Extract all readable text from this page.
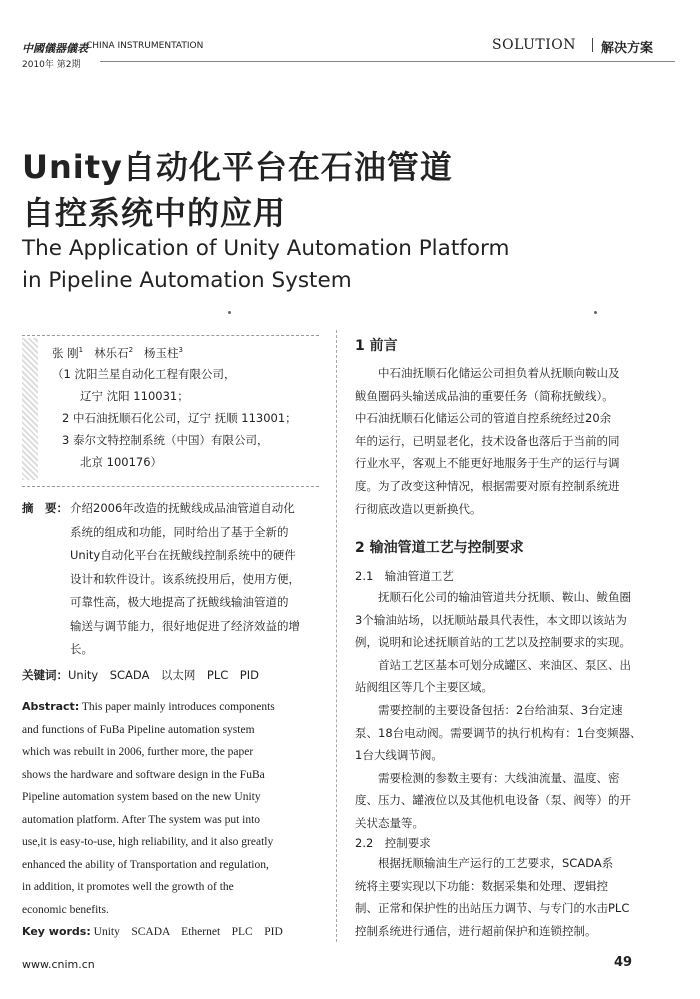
中國儀器儀表
CHINA INSTRUMENTATION
2010年 第2期
SOLUTION 解决方案
Unity自动化平台在石油管道
自控系统中的应用
The Application of Unity Automation Platform
in Pipeline Automation System
张 刚$^1$ 林乐石$^2$ 杨玉柱$^3$
（1 沈阳兰星自动化工程有限公司，
辽宁 沈阳 110031；
2 中石油抚顺石化公司，辽宁 抚顺 113001；
3 泰尔文特控制系统（中国）有限公司，
北京 100176）
摘　要： 介绍2006年改造的抚鲅线成品油管道自动化
系统的组成和功能，同时给出了基于全新的
Unity自动化平台在抚鲅线控制系统中的硬件
设计和软件设计。该系统投用后，使用方便，
可靠性高，极大地提高了抚鲅线输油管道的
输送与调节能力，很好地促进了经济效益的增
长。
关键词：Unity　SCADA　以太网　PLC　PID
Abstract: This paper mainly introduces components
and functions of FuBa Pipeline automation system
which was rebuilt in 2006, further more, the paper
shows the hardware and software design in the FuBa
Pipeline automation system based on the new Unity
automation platform. After The system was put into
use,it is easy-to-use, high reliability, and it also greatly
enhanced the ability of Transportation and regulation,
in addition, it promotes well the growth of the
economic benefits.
Key words: Unity　SCADA　Ethernet　PLC　PID
1 前言
　　中石油抚顺石化储运公司担负着从抚顺向鞍山及
鲅鱼圈码头输送成品油的重要任务（简称抚鲅线）。
中石油抚顺石化储运公司的管道自控系统经过20余
年的运行，已明显老化，技术设备也落后于当前的同
行业水平，客观上不能更好地服务于生产的运行与调
度。为了改变这种情况，根据需要对原有控制系统进
行彻底改造以更新换代。
2 输油管道工艺与控制要求
2.1　输油管道工艺
　　抚顺石化公司的输油管道共分抚顺、鞍山、鲅鱼圈
3个输油站场，以抚顺站最具代表性，本文即以该站为
例，说明和论述抚顺首站的工艺以及控制要求的实现。
　　首站工艺区基本可划分成罐区、来油区、泵区、出
站阀组区等几个主要区域。
　　需要控制的主要设备包括：2台给油泵、3台定速
泵、18台电动阀。需要调节的执行机构有：1台变频器、
1台大线调节阀。
　　需要检测的参数主要有：大线油流量、温度、密
度、压力、罐液位以及其他机电设备（泵、阀等）的开
关状态量等。
2.2　控制要求
　　根据抚顺输油生产运行的工艺要求，SCADA系
统将主要实现以下功能：数据采集和处理、逻辑控
制、正常和保护性的出站压力调节、与专门的水击PLC
控制系统进行通信，进行超前保护和连锁控制。
www.cnim.cn	49
